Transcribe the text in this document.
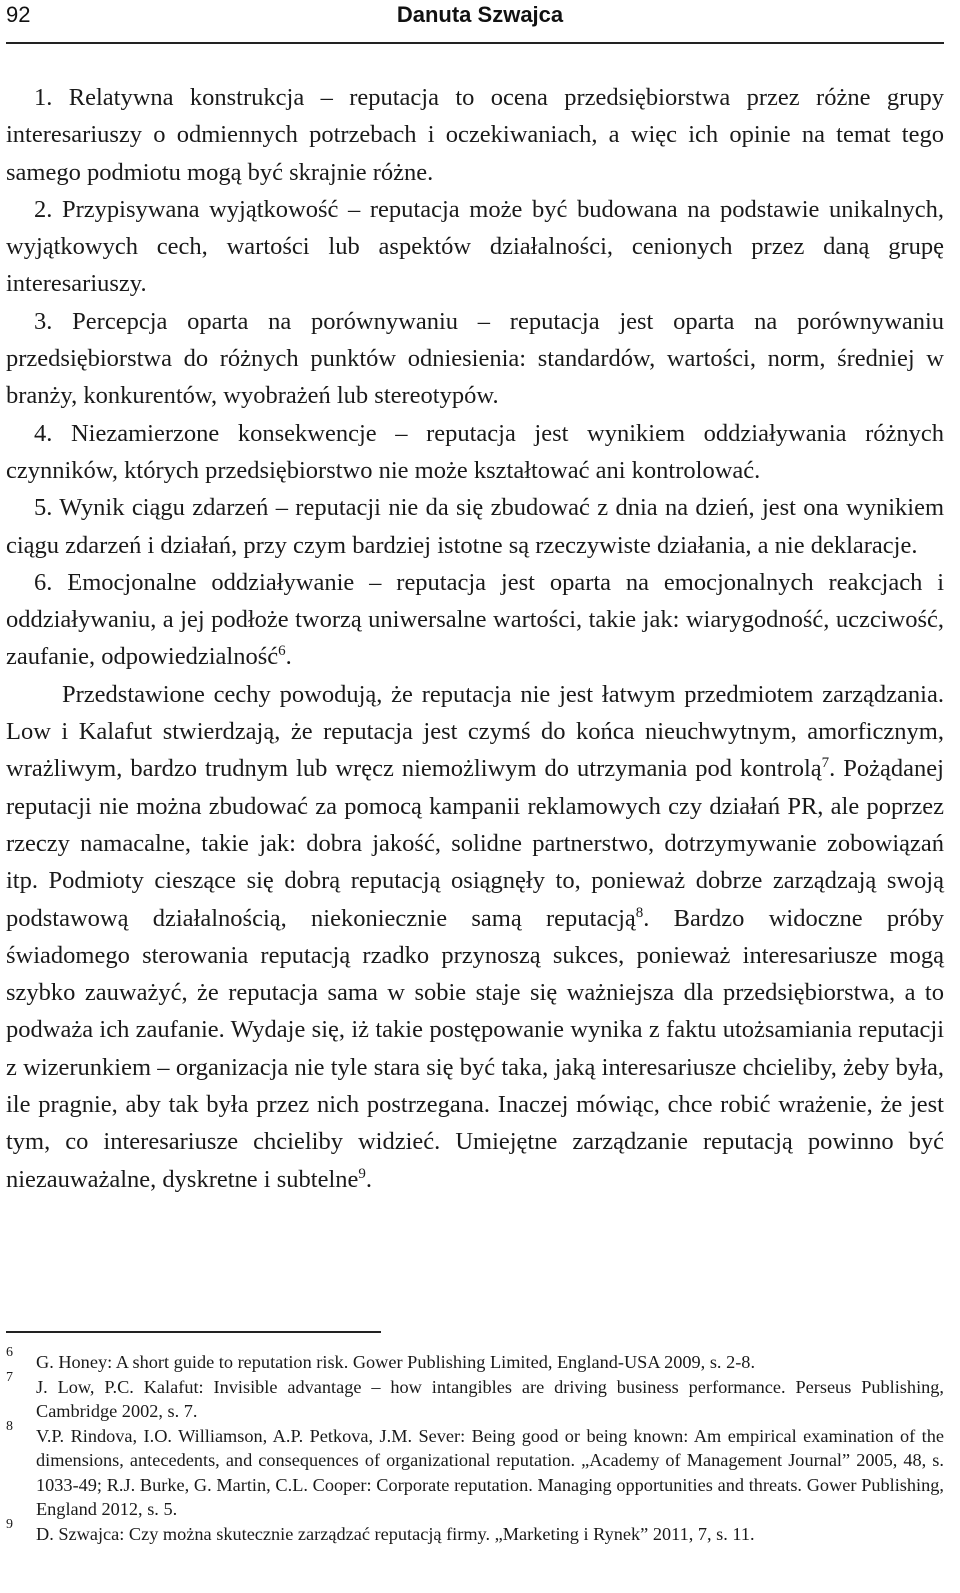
92	Danuta Szwajca

1. Relatywna konstrukcja – reputacja to ocena przedsiębiorstwa przez różne grupy interesariuszy o odmiennych potrzebach i oczekiwaniach, a więc ich opinie na temat tego samego podmiotu mogą być skrajnie różne.

2. Przypisywana wyjątkowość – reputacja może być budowana na podstawie unikalnych, wyjątkowych cech, wartości lub aspektów działalności, cenionych przez daną grupę interesariuszy.

3. Percepcja oparta na porównywaniu – reputacja jest oparta na porównywaniu przedsiębiorstwa do różnych punktów odniesienia: standardów, wartości, norm, średniej w branży, konkurentów, wyobrażeń lub stereotypów.

4. Niezamierzone konsekwencje – reputacja jest wynikiem oddziaływania różnych czynników, których przedsiębiorstwo nie może kształtować ani kontrolować.

5. Wynik ciągu zdarzeń – reputacji nie da się zbudować z dnia na dzień, jest ona wynikiem ciągu zdarzeń i działań, przy czym bardziej istotne są rzeczywiste działania, a nie deklaracje.

6. Emocjonalne oddziaływanie – reputacja jest oparta na emocjonalnych reakcjach i oddziaływaniu, a jej podłoże tworzą uniwersalne wartości, takie jak: wiarygodność, uczciwość, zaufanie, odpowiedzialność$^6$.

Przedstawione cechy powodują, że reputacja nie jest łatwym przedmiotem zarządzania. Low i Kalafut stwierdzają, że reputacja jest czymś do końca nieuchwytnym, amorficznym, wrażliwym, bardzo trudnym lub wręcz niemożliwym do utrzymania pod kontrolą$^7$. Pożądanej reputacji nie można zbudować za pomocą kampanii reklamowych czy działań PR, ale poprzez rzeczy namacalne, takie jak: dobra jakość, solidne partnerstwo, dotrzymywanie zobowiązań itp. Podmioty cieszące się dobrą reputacją osiągnęły to, ponieważ dobrze zarządzają swoją podstawową działalnością, niekoniecznie samą reputacją$^8$. Bardzo widoczne próby świadomego sterowania reputacją rzadko przynoszą sukces, ponieważ interesariusze mogą szybko zauważyć, że reputacja sama w sobie staje się ważniejsza dla przedsiębiorstwa, a to podważa ich zaufanie. Wydaje się, iż takie postępowanie wynika z faktu utożsamiania reputacji z wizerunkiem – organizacja nie tyle stara się być taka, jaką interesariusze chcieliby, żeby była, ile pragnie, aby tak była przez nich postrzegana. Inaczej mówiąc, chce robić wrażenie, że jest tym, co interesariusze chcieliby widzieć. Umiejętne zarządzanie reputacją powinno być niezauważalne, dyskretne i subtelne$^9$.

6 G. Honey: A short guide to reputation risk. Gower Publishing Limited, England-USA 2009, s. 2-8.

7 J. Low, P.C. Kalafut: Invisible advantage – how intangibles are driving business performance. Perseus Publishing, Cambridge 2002, s. 7.

8 V.P. Rindova, I.O. Williamson, A.P. Petkova, J.M. Sever: Being good or being known: Am empirical examination of the dimensions, antecedents, and consequences of organizational reputation. „Academy of Management Journal” 2005, 48, s. 1033-49; R.J. Burke, G. Martin, C.L. Cooper: Corporate reputation. Managing opportunities and threats. Gower Publishing, England 2012, s. 5.

9 D. Szwajca: Czy można skutecznie zarządzać reputacją firmy. „Marketing i Rynek” 2011, 7, s. 11.
